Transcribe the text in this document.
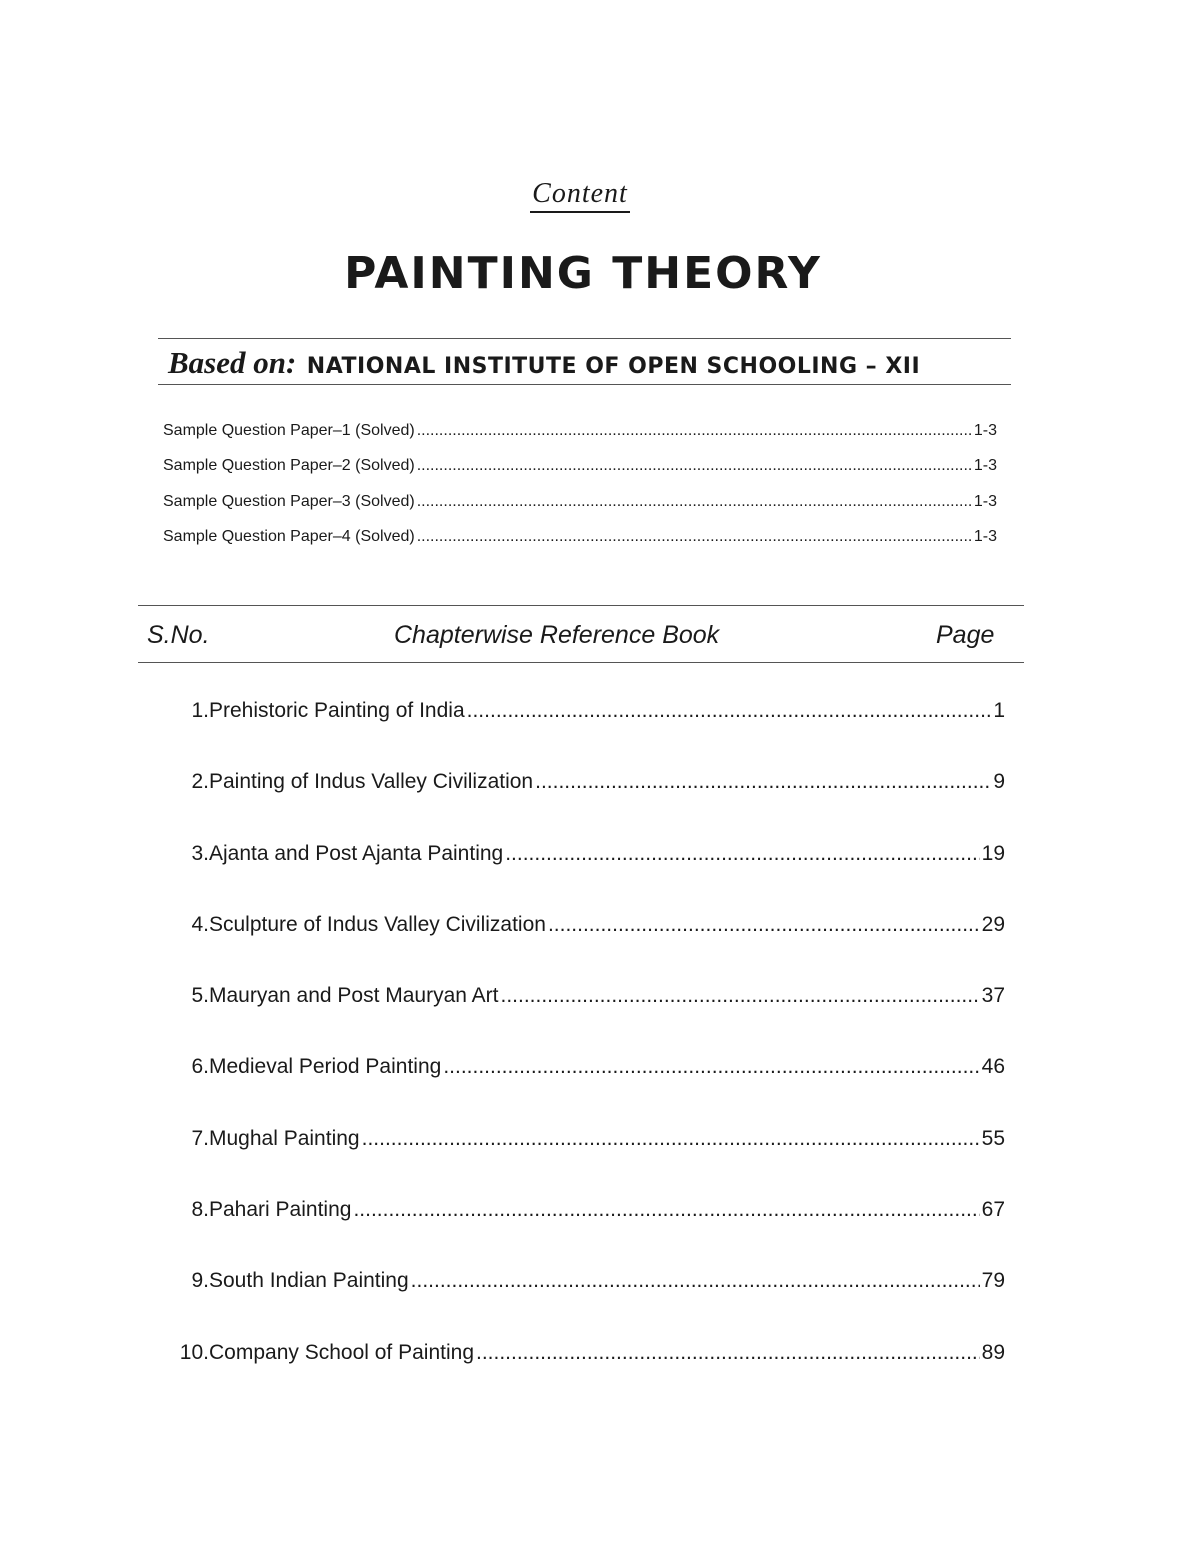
Content
PAINTING THEORY
Based on: NATIONAL INSTITUTE OF OPEN SCHOOLING – XII
Sample Question Paper–1 (Solved) .....	1-3
Sample Question Paper–2 (Solved) .....	1-3
Sample Question Paper–3 (Solved) .....	1-3
Sample Question Paper–4 (Solved) .....	1-3
S.No.	Chapterwise Reference Book	Page
1. Prehistoric Painting of India .....	1
2. Painting of Indus Valley Civilization .....	9
3. Ajanta and Post Ajanta Painting .....	19
4. Sculpture of Indus Valley Civilization .....	29
5. Mauryan and Post Mauryan Art .....	37
6. Medieval Period Painting .....	46
7. Mughal Painting .....	55
8. Pahari Painting .....	67
9. South Indian Painting .....	79
10. Company School of Painting .....	89
